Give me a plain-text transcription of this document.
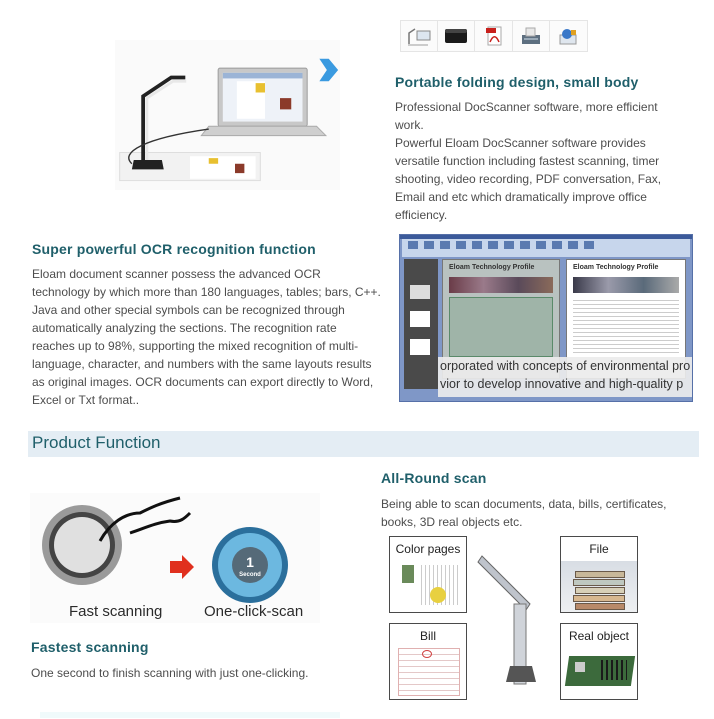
Portable folding design, small body
Professional DocScanner software, more efficient
work.
Powerful Eloam DocScanner software provides
versatile function including fastest scanning, timer
shooting, video recording, PDF conversation, Fax,
Email and etc which dramatically improve office
efficiency.
Super powerful OCR recognition function
Eloam document scanner possess the advanced OCR
technology by which more than 180 languages, tables; bars, C++.
Java and other special symbols can be recognized through
automatically analyzing the sections. The recognition rate
reaches up to 98%, supporting the mixed recognition of multi-
language, character, and numbers with the same layouts results
as original images. OCR documents can export directly to Word,
Excel or Txt format..
Eloam Technology Profile	Eloam Technology Profile
orporated with concepts of environmental pro
vior to develop innovative and high-quality p
Product Function
1
Second
Fast scanning	One-click-scan
Fastest scanning
One second to finish scanning with just one-clicking.
All-Round scan
Being able to scan documents, data, bills, certificates,
books, 3D real objects etc.
Color pages	File
Bill	Real object
